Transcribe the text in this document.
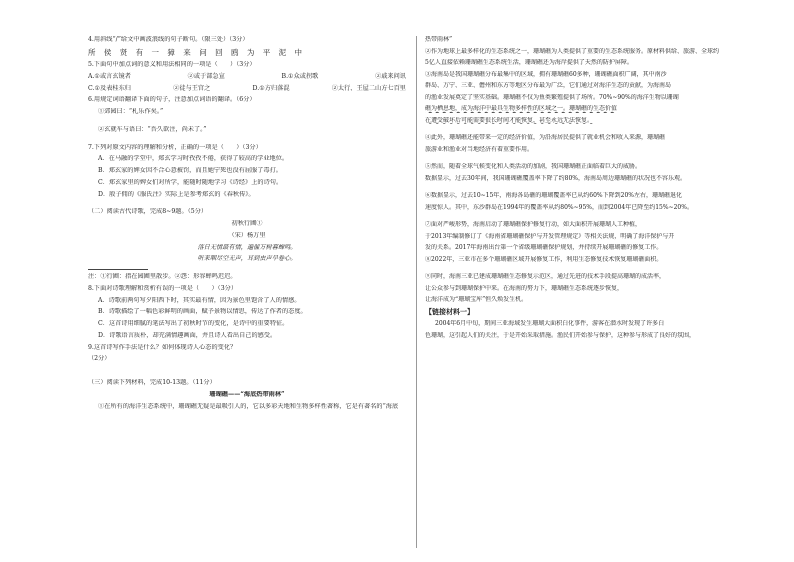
4.用斜线“/”给文中画波浪线的句子断句。（限三处）（3分）
所 侯 贤 有 一 獐 来 问 回 鸥 为 平 泥 中
5.下面句中加点词的意义和用法相同的一项是（　　）（3分）
A.①或言玄镜者	②或于部急宣	B.①众或拐歌	②戚来问讯
C.①及表桂东归	②徒与王宫之	D.①方归落混	②太行、王屋二山方七百里
6.用规定词语翻译下面的句子，注意加点词语的翻译。（6分）
①郊园曰：“札乐作矣。”
②玄就车与语曰：“吾久欲注，尚未了。”
7.下列对原文内容的理解和分析，正确的一项是（　　）（3分）
A．在马融的学堂中，郑玄学习时孜孜不倦，获得了较高的学业地位。
B．郑玄家的婢女因不合心意被罚，而且她宁死也没有屈服了毒打。
C．郑玄家里的婢女们对所学，能随时随地学习《诗经》上的诗句。
D．殷子佣的《服氏注》实际上是参考郑玄的《春秋传》。
（二）阅读古代诗歌，完成8~9题。（5分）
初秋行圃①
（宋）杨万里
落日无情最有情，遍催万树暮蝉鸣。
听来咽尽空无声，耳到虫声早卷心。
注：①行圃：指在园圃里散步。②怨：形容蝉鸣迟迟。
8.下面对诗歌理解和赏析有误的一项是（　　）（3分）
A．诗歌前两句写夕阳西下时，其实最有情，因为景色里饱含了人的情感。
B．诗歌描绘了一幅色彩鲜明的画面，赋予景物以情思，传达了作者的态度。
C．这首诗用细腻的笔法写出了初秋时节的变化，是诗中的重要特征。
D．诗歌语言质朴，却充满情趣画面，并且诗人看出自己的感受。
9.这首诗写作手法是什么？如何体现诗人心态的变化？
（2分）
（三）阅读下列材料，完成10-13题。（11分）
珊瑚礁——“海底热带雨林”
①在所有的海洋生态系统中，珊瑚礁无疑是最吸引人的，它以多彩天地和生物多样性著称，它是有著名的“海底
热带雨林”
②作为地球上最多样化的生态系统之一，珊瑚礁为人类提供了重要的生态系统服务。原材料供给、旅游、全球约
5亿人直接依赖珊瑚礁生态系统生活，珊瑚礁还为海岸提供了天然的防护屏障。
③海南岛是我国珊瑚礁分布最集中的区域，拥有珊瑚礁60多种，珊瑚礁面积广阔，其中南沙
群岛、万宁、三亚、儋州和东方等地区分布最为广泛，它们通过对海洋生态的贡献，为海南岛
的渔业发展奠定了坚实基础。珊瑚礁不仅为鱼类繁殖提供了场所。70%~90%的海洋生物以珊瑚
礁为栖息地，成为海洋中最具生物多样性的区域之一。珊瑚礁的生态价值
在遭受破坏后可能需要很长时间才能恢复，甚至永远无法恢复。
④此外，珊瑚礁还能带来一定的经济价值，为沿海居民提供了就业机会和收入来源，珊瑚礁
旅游业和渔业对当地经济有着重要作用。
⑤然而，随着全球气候变化和人类活动的加剧，我国珊瑚礁正面临着巨大的威胁。
数据显示，过去30年间，我国珊瑚礁覆盖率下降了约80%，海南岛周边珊瑚礁的状况也不容乐观。
⑥数据显示，过去10~15年，南海各岛礁的珊瑚覆盖率已从约60%下降到20%左右，珊瑚礁退化
速度惊人。其中，东沙群岛在1994年的覆盖率从约80%~95%，而到2004年已降至约15%~20%。
⑦面对严峻形势，海南启动了珊瑚礁保护修复行动，如大面积开展珊瑚人工种植，
于2013年编制修订了《海南省珊瑚礁保护与开发管理规定》等相关法规，明确了海洋保护与开
发的关系。2017年海南出台第一个省级珊瑚礁保护规划，并持续开展珊瑚礁的修复工作。
⑧2022年，三亚市在多个珊瑚礁区域开展修复工作，利用生态修复技术恢复珊瑚礁面积。
⑨同时，海南三亚已建成珊瑚礁生态修复示范区，通过先进的技术手段提高珊瑚的成活率，
让公众参与到珊瑚保护中来。在海南的努力下，珊瑚礁生态系统逐步恢复，
让海洋成为“珊瑚宝库”恒久焕发生机。
【链接材料一】
2004年6月中旬，期间三亚海域发生珊瑚大面积白化事件，游客在潜水时发现了许多白
色珊瑚，这引起人们的关注，于是开始采取措施。渔民们开始参与保护，这种参与形成了良好的氛围，
